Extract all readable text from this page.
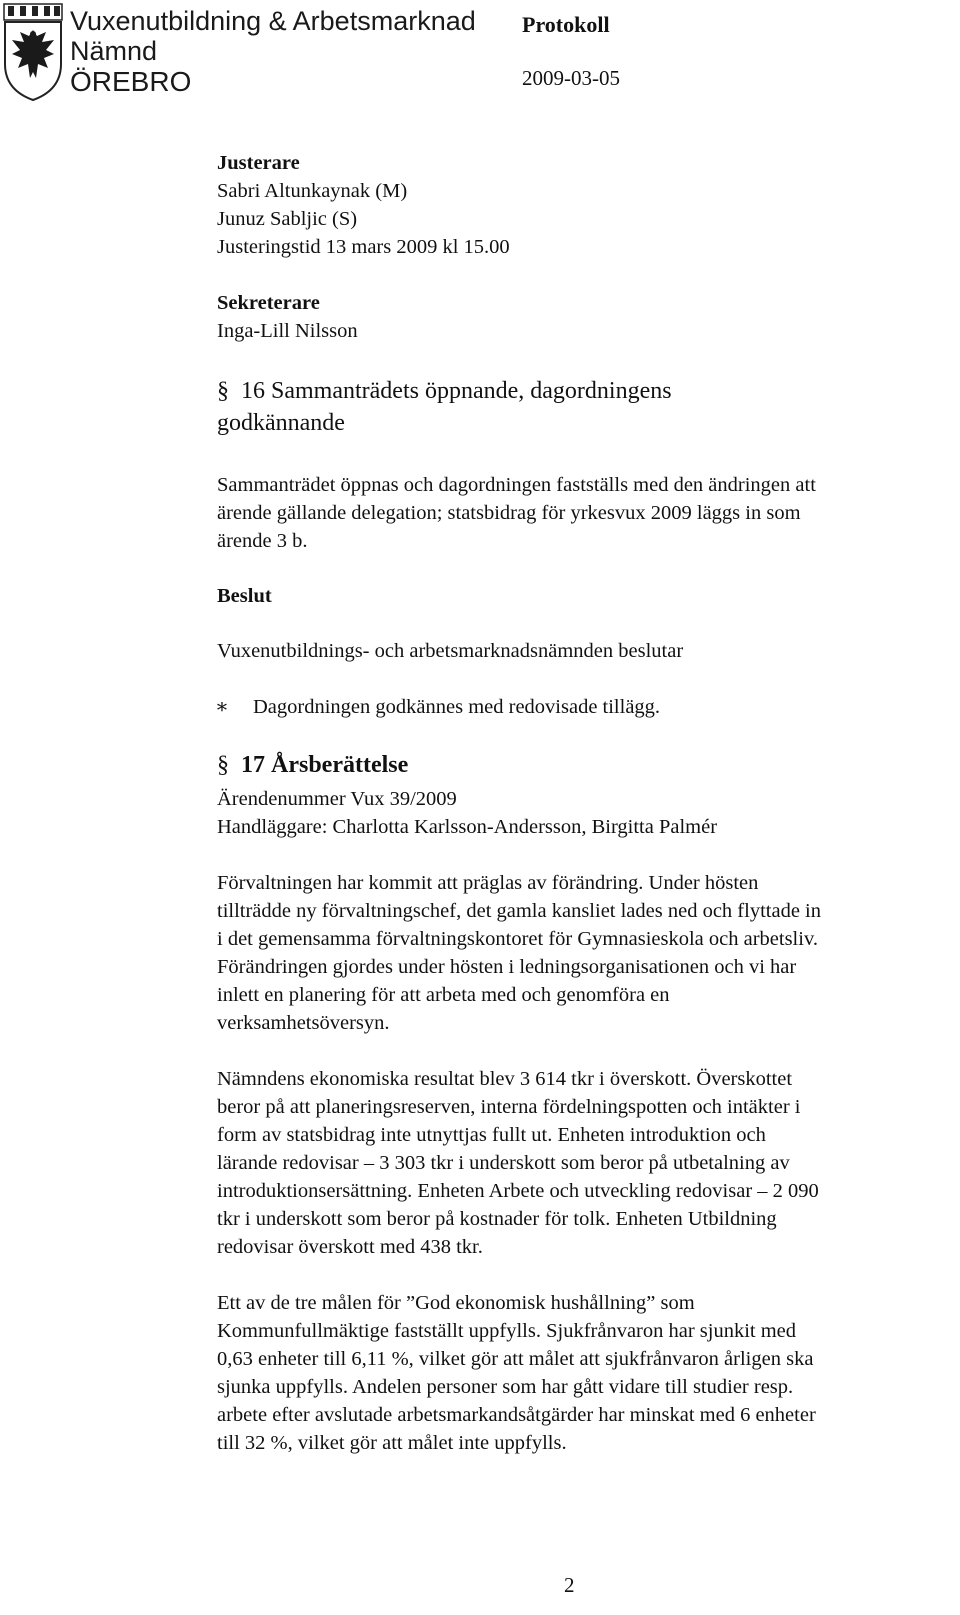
Vuxenutbildning & Arbetsmarknad
Nämnd
ÖREBRO
Protokoll
2009-03-05
Justerare
Sabri Altunkaynak (M)
Junuz Sabljic (S)
Justeringstid 13 mars 2009 kl 15.00
Sekreterare
Inga-Lill Nilsson
§ 16 Sammanträdets öppnande, dagordningens
godkännande
Sammanträdet öppnas och dagordningen fastställs med den ändringen att
ärende gällande delegation; statsbidrag för yrkesvux 2009 läggs in som
ärende 3 b.
Beslut
Vuxenutbildnings- och arbetsmarknadsnämnden beslutar
∗ Dagordningen godkännes med redovisade tillägg.
§ 17 Årsberättelse
Ärendenummer Vux 39/2009
Handläggare: Charlotta Karlsson-Andersson, Birgitta Palmér
Förvaltningen har kommit att präglas av förändring. Under hösten
tillträdde ny förvaltningschef, det gamla kansliet lades ned och flyttade in
i det gemensamma förvaltningskontoret för Gymnasieskola och arbetsliv.
Förändringen gjordes under hösten i ledningsorganisationen och vi har
inlett en planering för att arbeta med och genomföra en
verksamhetsöversyn.
Nämndens ekonomiska resultat blev 3 614 tkr i överskott. Överskottet
beror på att planeringsreserven, interna fördelningspotten och intäkter i
form av statsbidrag inte utnyttjas fullt ut. Enheten introduktion och
lärande redovisar – 3 303 tkr i underskott som beror på utbetalning av
introduktionsersättning. Enheten Arbete och utveckling redovisar – 2 090
tkr i underskott som beror på kostnader för tolk. Enheten Utbildning
redovisar överskott med 438 tkr.
Ett av de tre målen för ”God ekonomisk hushållning” som
Kommunfullmäktige fastställt uppfylls. Sjukfrånvaron har sjunkit med
0,63 enheter till 6,11 %, vilket gör att målet att sjukfrånvaron årligen ska
sjunka uppfylls. Andelen personer som har gått vidare till studier resp.
arbete efter avslutade arbetsmarkandsåtgärder har minskat med 6 enheter
till 32 %, vilket gör att målet inte uppfylls.
2
